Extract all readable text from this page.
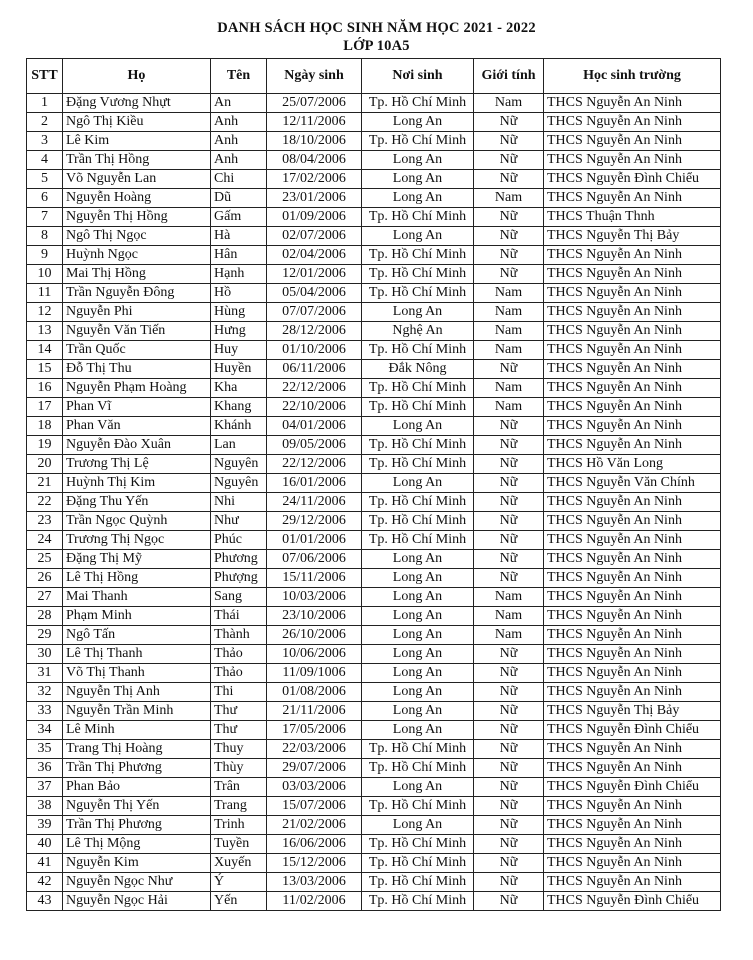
DANH SÁCH HỌC SINH NĂM HỌC 2021 - 2022
LỚP 10A5
STT	Họ	Tên	Ngày sinh	Nơi sinh	Giới tính	Học sinh trường
1	Đặng Vương Nhựt	An	25/07/2006	Tp. Hồ Chí Minh	Nam	THCS Nguyễn An Ninh
2	Ngô Thị Kiều	Anh	12/11/2006	Long An	Nữ	THCS Nguyễn An Ninh
3	Lê Kim	Anh	18/10/2006	Tp. Hồ Chí Minh	Nữ	THCS Nguyễn An Ninh
4	Trần Thị Hồng	Anh	08/04/2006	Long An	Nữ	THCS Nguyễn An Ninh
5	Võ Nguyễn Lan	Chi	17/02/2006	Long An	Nữ	THCS Nguyễn Đình Chiểu
6	Nguyễn Hoàng	Dũ	23/01/2006	Long An	Nam	THCS Nguyễn An Ninh
7	Nguyễn Thị Hồng	Gấm	01/09/2006	Tp. Hồ Chí Minh	Nữ	THCS Thuận Thnh
8	Ngô Thị Ngọc	Hà	02/07/2006	Long An	Nữ	THCS Nguyễn Thị Bảy
9	Huỳnh Ngọc	Hân	02/04/2006	Tp. Hồ Chí Minh	Nữ	THCS Nguyễn An Ninh
10	Mai Thị Hồng	Hạnh	12/01/2006	Tp. Hồ Chí Minh	Nữ	THCS Nguyễn An Ninh
11	Trần Nguyễn Đông	Hồ	05/04/2006	Tp. Hồ Chí Minh	Nam	THCS Nguyễn An Ninh
12	Nguyễn Phi	Hùng	07/07/2006	Long An	Nam	THCS Nguyễn An Ninh
13	Nguyễn Văn Tiến	Hưng	28/12/2006	Nghệ An	Nam	THCS Nguyễn An Ninh
14	Trần Quốc	Huy	01/10/2006	Tp. Hồ Chí Minh	Nam	THCS Nguyễn An Ninh
15	Đỗ Thị Thu	Huyền	06/11/2006	Đắk Nông	Nữ	THCS Nguyễn An Ninh
16	Nguyễn Phạm Hoàng	Kha	22/12/2006	Tp. Hồ Chí Minh	Nam	THCS Nguyễn An Ninh
17	Phan Vĩ	Khang	22/10/2006	Tp. Hồ Chí Minh	Nam	THCS Nguyễn An Ninh
18	Phan Văn	Khánh	04/01/2006	Long An	Nữ	THCS Nguyễn An Ninh
19	Nguyễn Đào Xuân	Lan	09/05/2006	Tp. Hồ Chí Minh	Nữ	THCS Nguyễn An Ninh
20	Trương Thị Lệ	Nguyên	22/12/2006	Tp. Hồ Chí Minh	Nữ	THCS Hồ Văn Long
21	Huỳnh Thị Kim	Nguyên	16/01/2006	Long An	Nữ	THCS Nguyễn Văn Chính
22	Đặng Thu Yến	Nhi	24/11/2006	Tp. Hồ Chí Minh	Nữ	THCS Nguyễn An Ninh
23	Trần Ngọc Quỳnh	Như	29/12/2006	Tp. Hồ Chí Minh	Nữ	THCS Nguyễn An Ninh
24	Trương Thị Ngọc	Phúc	01/01/2006	Tp. Hồ Chí Minh	Nữ	THCS Nguyễn An Ninh
25	Đặng Thị Mỹ	Phương	07/06/2006	Long An	Nữ	THCS Nguyễn An Ninh
26	Lê Thị Hồng	Phượng	15/11/2006	Long An	Nữ	THCS Nguyễn An Ninh
27	Mai Thanh	Sang	10/03/2006	Long An	Nam	THCS Nguyễn An Ninh
28	Phạm Minh	Thái	23/10/2006	Long An	Nam	THCS Nguyễn An Ninh
29	Ngô Tấn	Thành	26/10/2006	Long An	Nam	THCS Nguyễn An Ninh
30	Lê Thị Thanh	Thảo	10/06/2006	Long An	Nữ	THCS Nguyễn An Ninh
31	Võ Thị Thanh	Thảo	11/09/1006	Long An	Nữ	THCS Nguyễn An Ninh
32	Nguyễn Thị Anh	Thi	01/08/2006	Long An	Nữ	THCS Nguyễn An Ninh
33	Nguyễn Trần Minh	Thư	21/11/2006	Long An	Nữ	THCS Nguyễn Thị Bảy
34	Lê Minh	Thư	17/05/2006	Long An	Nữ	THCS Nguyễn Đình Chiểu
35	Trang Thị Hoàng	Thuy	22/03/2006	Tp. Hồ Chí Minh	Nữ	THCS Nguyễn An Ninh
36	Trần Thị Phương	Thùy	29/07/2006	Tp. Hồ Chí Minh	Nữ	THCS Nguyễn An Ninh
37	Phan Bảo	Trân	03/03/2006	Long An	Nữ	THCS Nguyễn Đình Chiểu
38	Nguyễn Thị Yến	Trang	15/07/2006	Tp. Hồ Chí Minh	Nữ	THCS Nguyễn An Ninh
39	Trần Thị Phương	Trinh	21/02/2006	Long An	Nữ	THCS Nguyễn An Ninh
40	Lê Thị Mộng	Tuyền	16/06/2006	Tp. Hồ Chí Minh	Nữ	THCS Nguyễn An Ninh
41	Nguyễn Kim	Xuyến	15/12/2006	Tp. Hồ Chí Minh	Nữ	THCS Nguyễn An Ninh
42	Nguyễn Ngọc Như	Ý	13/03/2006	Tp. Hồ Chí Minh	Nữ	THCS Nguyễn An Ninh
43	Nguyễn Ngọc Hải	Yến	11/02/2006	Tp. Hồ Chí Minh	Nữ	THCS Nguyễn Đình Chiểu
